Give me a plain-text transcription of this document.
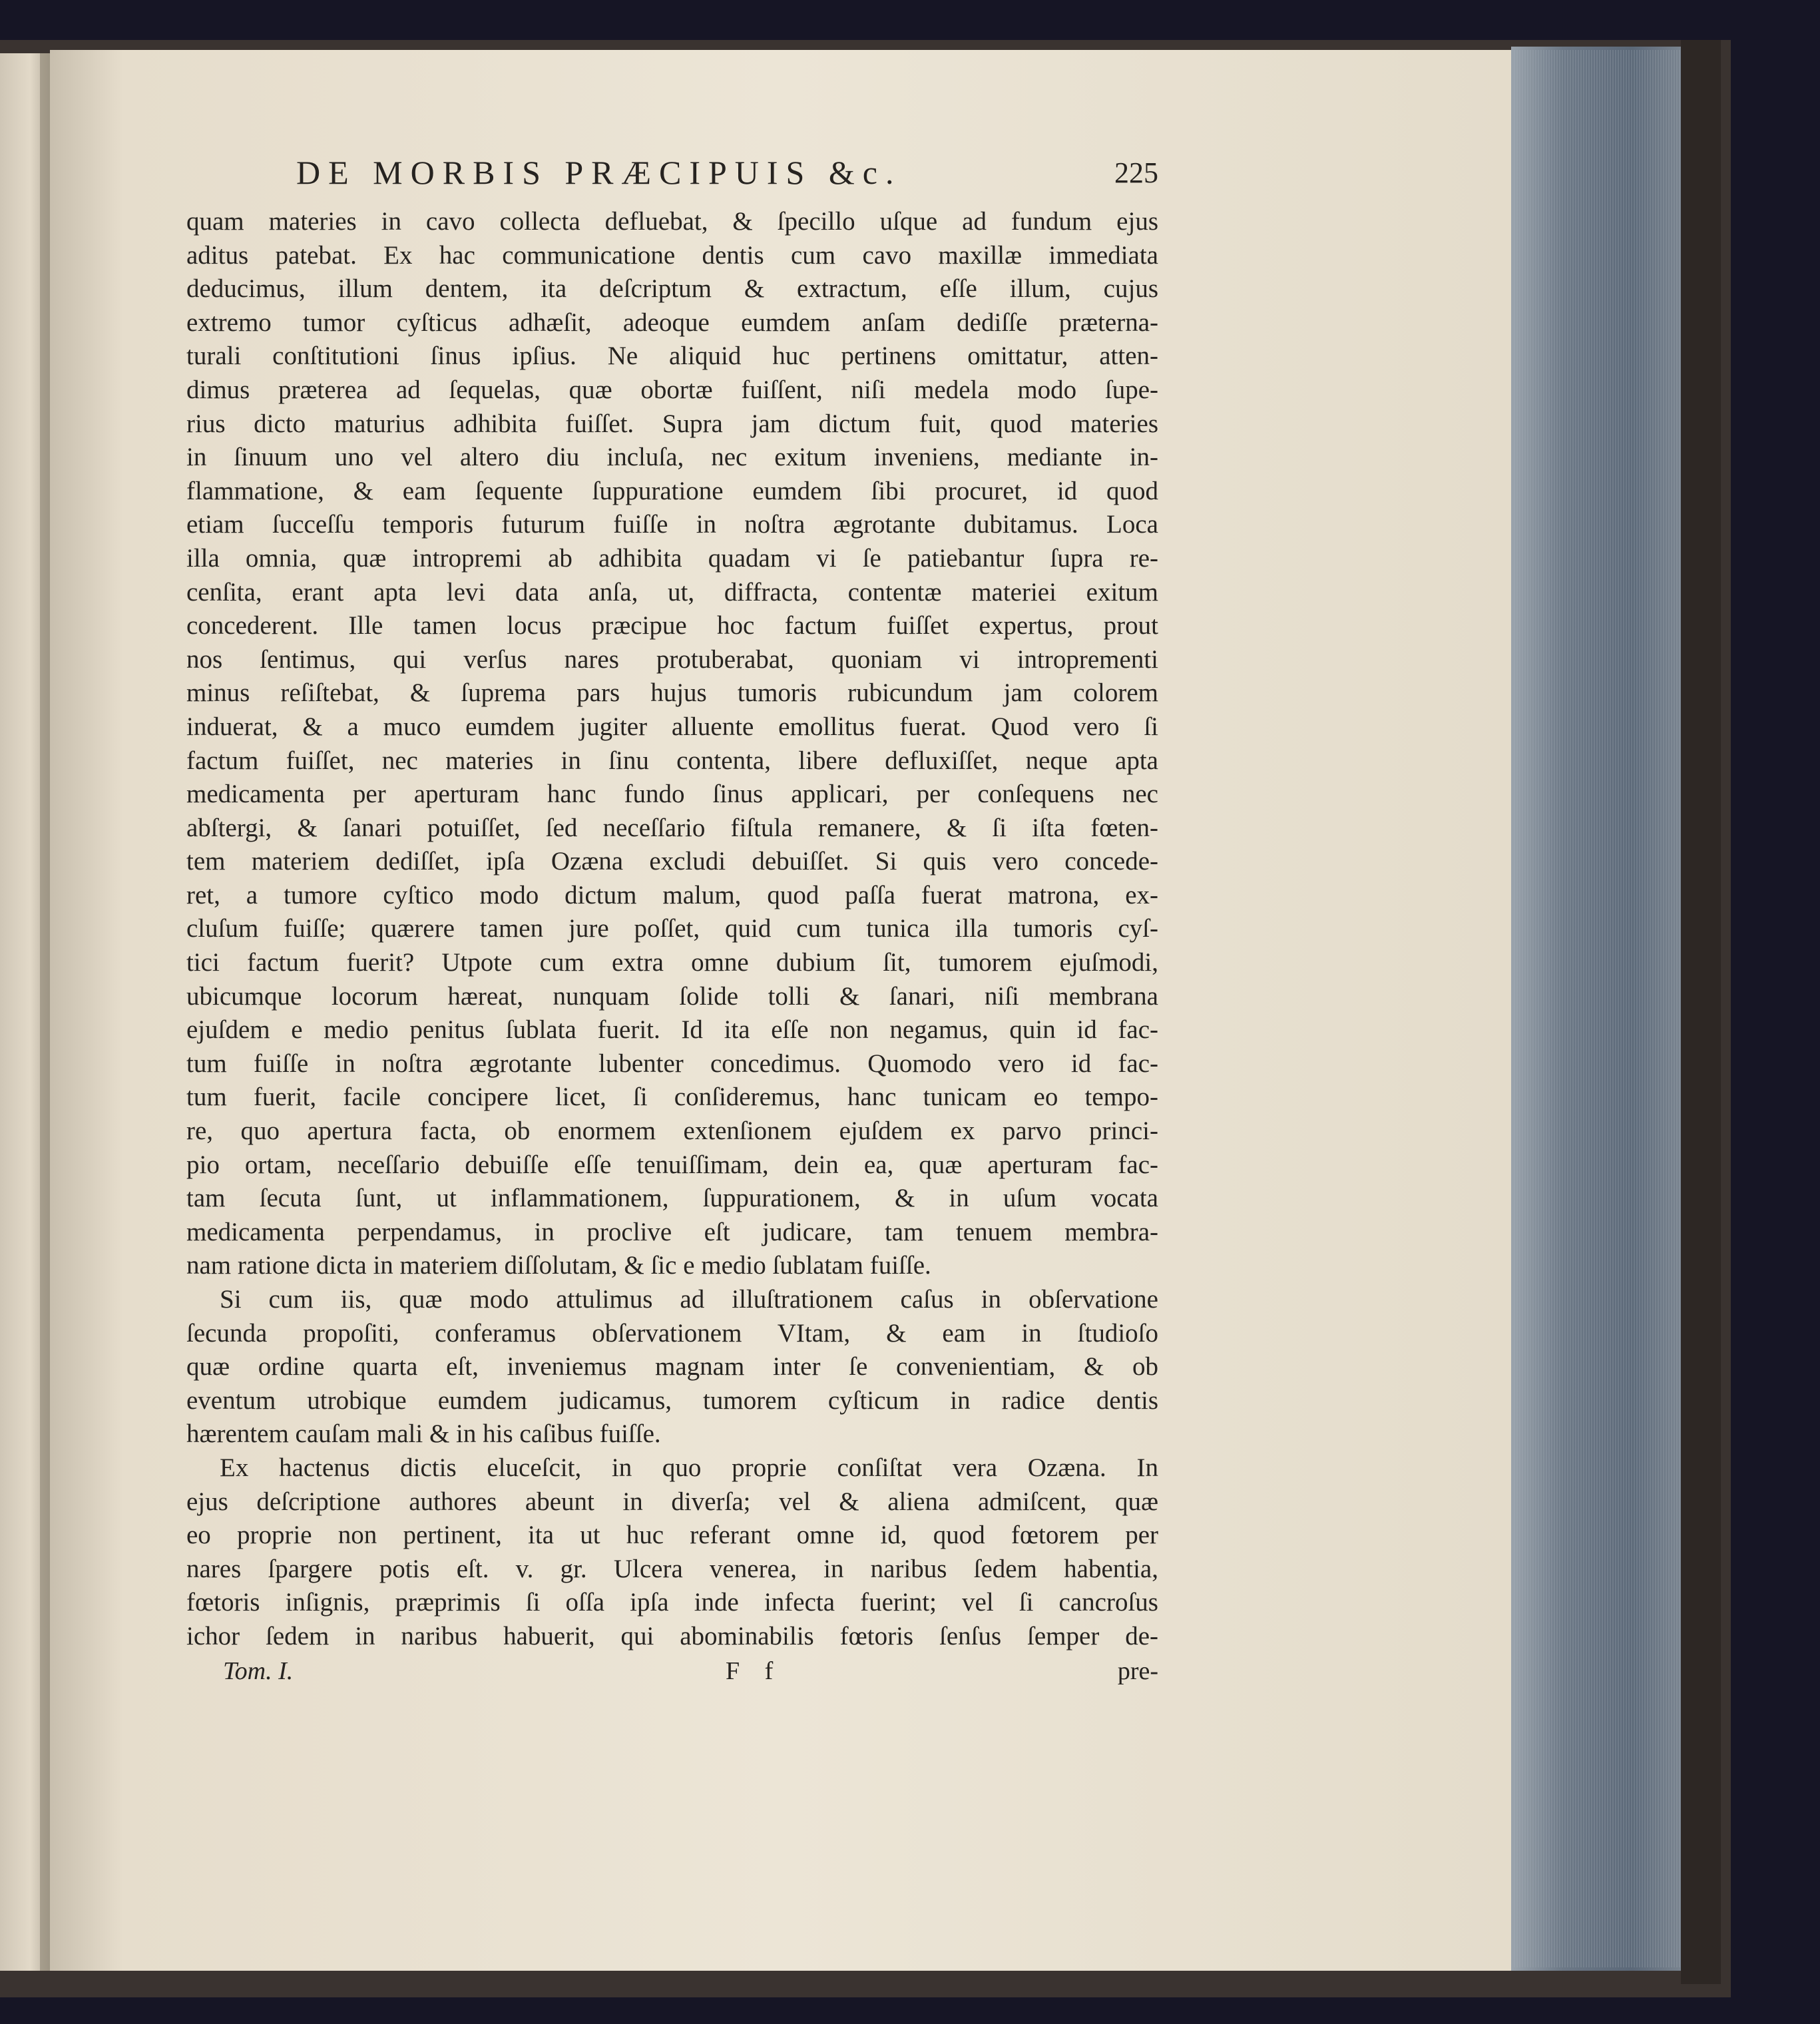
DE MORBIS PRÆCIPUIS &c.	225
quam materies in cavo collecta defluebat, & ſpecillo uſque ad fundum ejus
aditus patebat. Ex hac communicatione dentis cum cavo maxillæ immediata
deducimus, illum dentem, ita deſcriptum & extractum, eſſe illum, cujus
extremo tumor cyſticus adhæſit, adeoque eumdem anſam dediſſe præterna-
turali conſtitutioni ſinus ipſius. Ne aliquid huc pertinens omittatur, atten-
dimus præterea ad ſequelas, quæ obortæ fuiſſent, niſi medela modo ſupe-
rius dicto maturius adhibita fuiſſet. Supra jam dictum fuit, quod materies
in ſinuum uno vel altero diu incluſa, nec exitum inveniens, mediante in-
flammatione, & eam ſequente ſuppuratione eumdem ſibi procuret, id quod
etiam ſucceſſu temporis futurum fuiſſe in noſtra ægrotante dubitamus. Loca
illa omnia, quæ intropremi ab adhibita quadam vi ſe patiebantur ſupra re-
cenſita, erant apta levi data anſa, ut, diffracta, contentæ materiei exitum
concederent. Ille tamen locus præcipue hoc factum fuiſſet expertus, prout
nos ſentimus, qui verſus nares protuberabat, quoniam vi introprementi
minus reſiſtebat, & ſuprema pars hujus tumoris rubicundum jam colorem
induerat, & a muco eumdem jugiter alluente emollitus fuerat. Quod vero ſi
factum fuiſſet, nec materies in ſinu contenta, libere defluxiſſet, neque apta
medicamenta per aperturam hanc fundo ſinus applicari, per conſequens nec
abſtergi, & ſanari potuiſſet, ſed neceſſario fiſtula remanere, & ſi iſta fœten-
tem materiem dediſſet, ipſa Ozæna excludi debuiſſet. Si quis vero concede-
ret, a tumore cyſtico modo dictum malum, quod paſſa fuerat matrona, ex-
cluſum fuiſſe; quærere tamen jure poſſet, quid cum tunica illa tumoris cyſ-
tici factum fuerit? Utpote cum extra omne dubium ſit, tumorem ejuſmodi,
ubicumque locorum hæreat, nunquam ſolide tolli & ſanari, niſi membrana
ejuſdem e medio penitus ſublata fuerit. Id ita eſſe non negamus, quin id fac-
tum fuiſſe in noſtra ægrotante lubenter concedimus. Quomodo vero id fac-
tum fuerit, facile concipere licet, ſi conſideremus, hanc tunicam eo tempo-
re, quo apertura facta, ob enormem extenſionem ejuſdem ex parvo princi-
pio ortam, neceſſario debuiſſe eſſe tenuiſſimam, dein ea, quæ aperturam fac-
tam ſecuta ſunt, ut inflammationem, ſuppurationem, & in uſum vocata
medicamenta perpendamus, in proclive eſt judicare, tam tenuem membra-
nam ratione dicta in materiem diſſolutam, & ſic e medio ſublatam fuiſſe.
Si cum iis, quæ modo attulimus ad illuſtrationem caſus in obſervatione
ſecunda propoſiti, conferamus obſervationem VItam, & eam in ſtudioſo
quæ ordine quarta eſt, inveniemus magnam inter ſe convenientiam, & ob
eventum utrobique eumdem judicamus, tumorem cyſticum in radice dentis
hærentem cauſam mali & in his caſibus fuiſſe.
Ex hactenus dictis eluceſcit, in quo proprie conſiſtat vera Ozæna. In
ejus deſcriptione authores abeunt in diverſa; vel & aliena admiſcent, quæ
eo proprie non pertinent, ita ut huc referant omne id, quod fœtorem per
nares ſpargere potis eſt. v. gr. Ulcera venerea, in naribus ſedem habentia,
fœtoris inſignis, præprimis ſi oſſa ipſa inde infecta fuerint; vel ſi cancroſus
ichor ſedem in naribus habuerit, qui abominabilis fœtoris ſenſus ſemper de-
Tom. I.	F f	pre-
